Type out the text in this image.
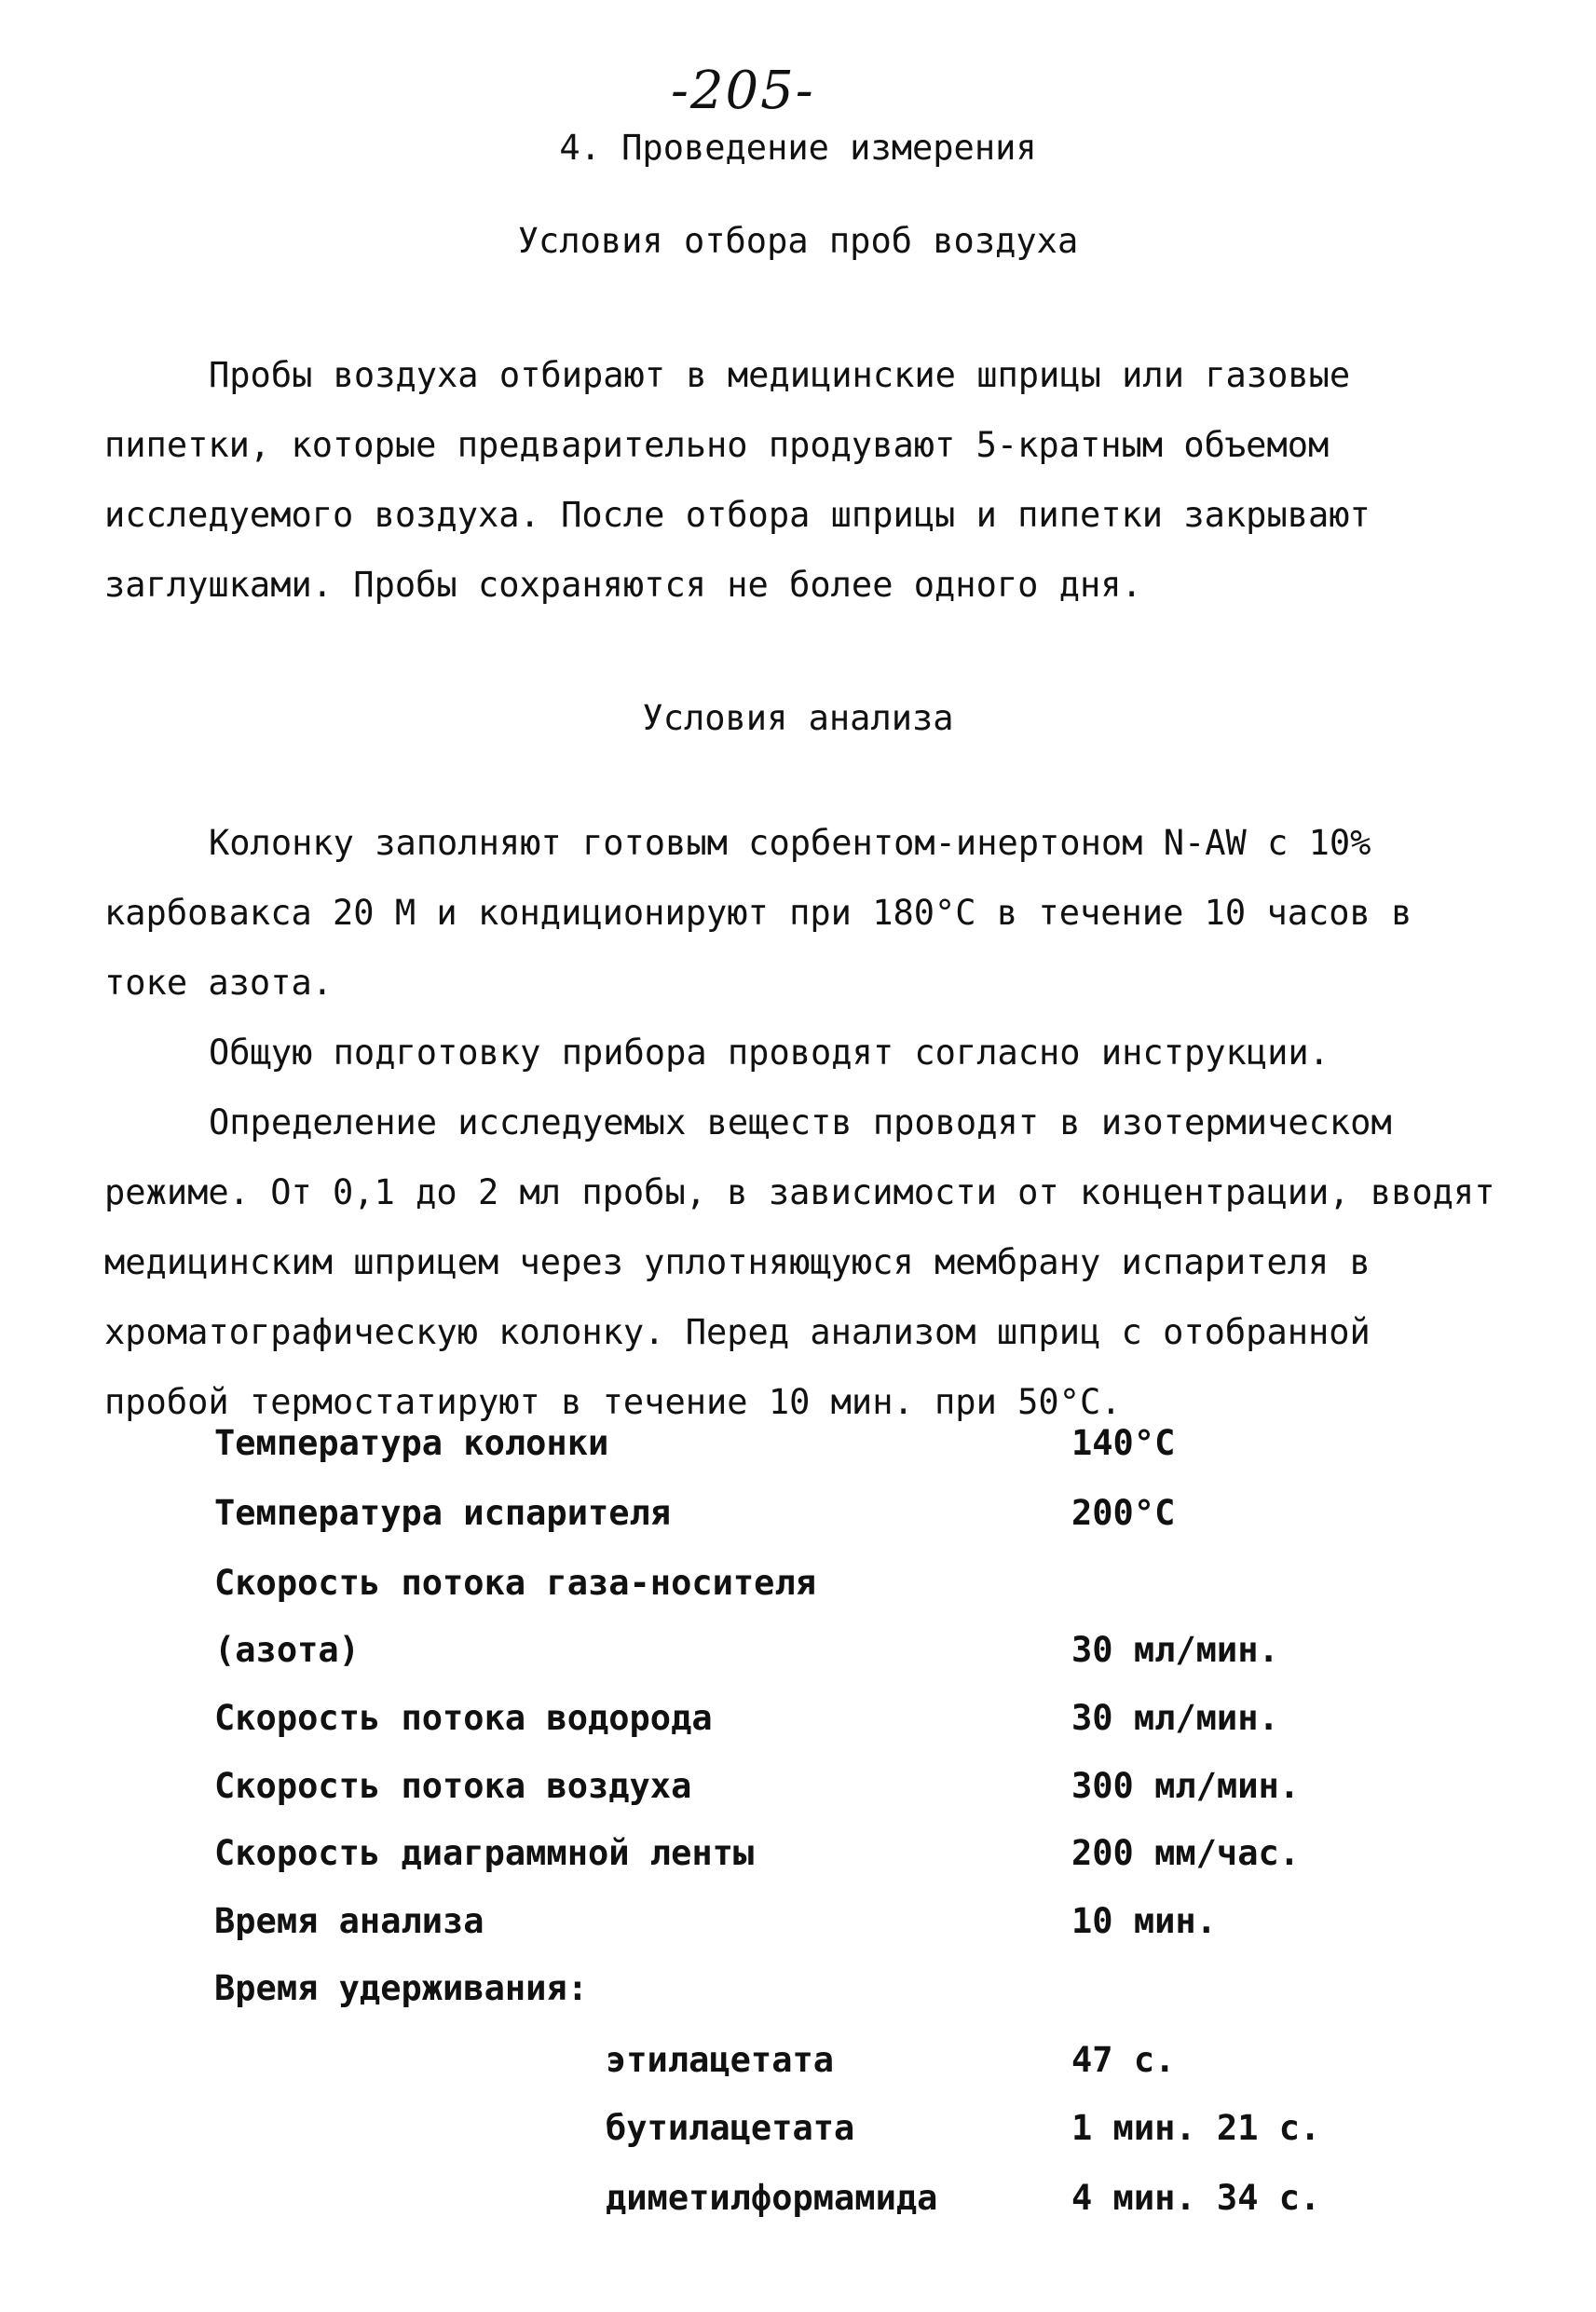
-205-
4. Проведение измерения
Условия отбора проб воздуха

Пробы воздуха отбирают в медицинские шприцы или газовые пипетки, которые предварительно продувают 5-кратным объемом исследуемого воздуха. После отбора шприцы и пипетки закрывают заглушками. Пробы сохраняются не более одного дня.

Условия анализа

Колонку заполняют готовым сорбентом-инертоном N-AW с 10% карбоваксa 20 М и кондиционируют при 180°С в течение 10 часов в токе азота.

Общую подготовку прибора проводят согласно инструкции.

Определение исследуемых веществ проводят в изотермическом режиме. От 0,1 до 2 мл пробы, в зависимости от концентрации, вводят медицинским шприцем через уплотняющуюся мембрану испарителя в хроматографическую колонку. Перед анализом шприц с отобранной пробой термостатируют в течение 10 мин. при 50°С.

Температура колонки	140°С
Температура испарителя	200°С
Скорость потока газа-носителя
(азота)	30 мл/мин.
Скорость потока водорода	30 мл/мин.
Скорость потока воздуха	300 мл/мин.
Скорость диаграммной ленты	200 мм/час.
Время анализа	10 мин.
Время удерживания:
этилацетата	47 с.
бутилацетата	1 мин. 21 с.
диметилформамида	4 мин. 34 с.
